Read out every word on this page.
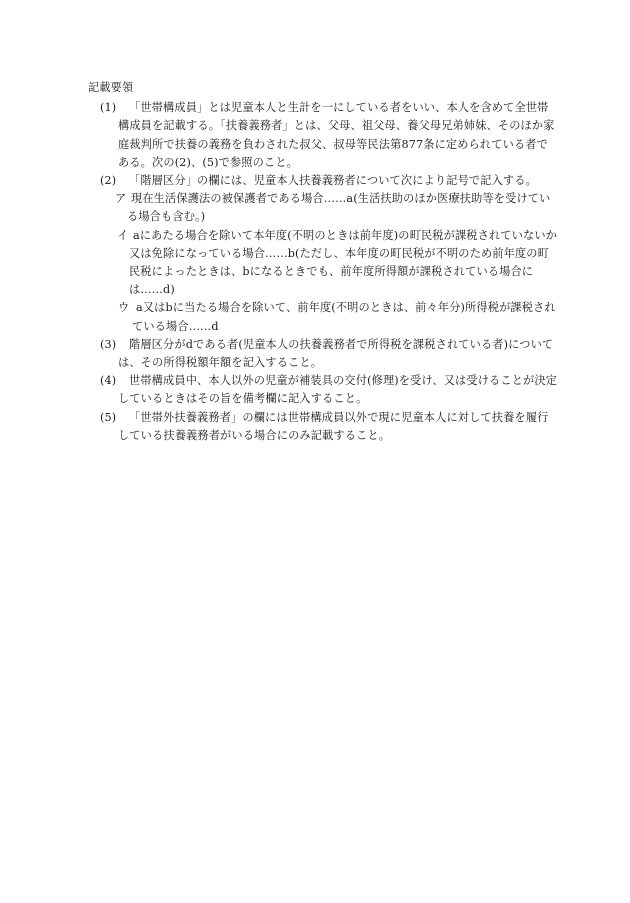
記載要領

(1) 「世帯構成員」とは児童本人と生計を一にしている者をいい、本人を含めて全世帯構成員を記載する。「扶養義務者」とは、父母、祖父母、養父母兄弟姉妹、そのほか家庭裁判所で扶養の義務を負わされた叔父、叔母等民法第877条に定められている者である。次の(2)、(5)で参照のこと。

(2) 「階層区分」の欄には、児童本人扶養義務者について次により記号で記入する。

ア 現在生活保護法の被保護者である場合……a(生活扶助のほか医療扶助等を受けている場合も含む。)

イ aにあたる場合を除いて本年度(不明のときは前年度)の町民税が課税されていないか又は免除になっている場合……b(ただし、本年度の町民税が不明のため前年度の町民税によったときは、bになるときでも、前年度所得額が課税されている場合には……d)

ウ a又はbに当たる場合を除いて、前年度(不明のときは、前々年分)所得税が課税されている場合……d

(3) 階層区分がdである者(児童本人の扶養義務者で所得税を課税されている者)については、その所得税額年額を記入すること。

(4) 世帯構成員中、本人以外の児童が補装具の交付(修理)を受け、又は受けることが決定しているときはその旨を備考欄に記入すること。

(5) 「世帯外扶養義務者」の欄には世帯構成員以外で現に児童本人に対して扶養を履行している扶養義務者がいる場合にのみ記載すること。
